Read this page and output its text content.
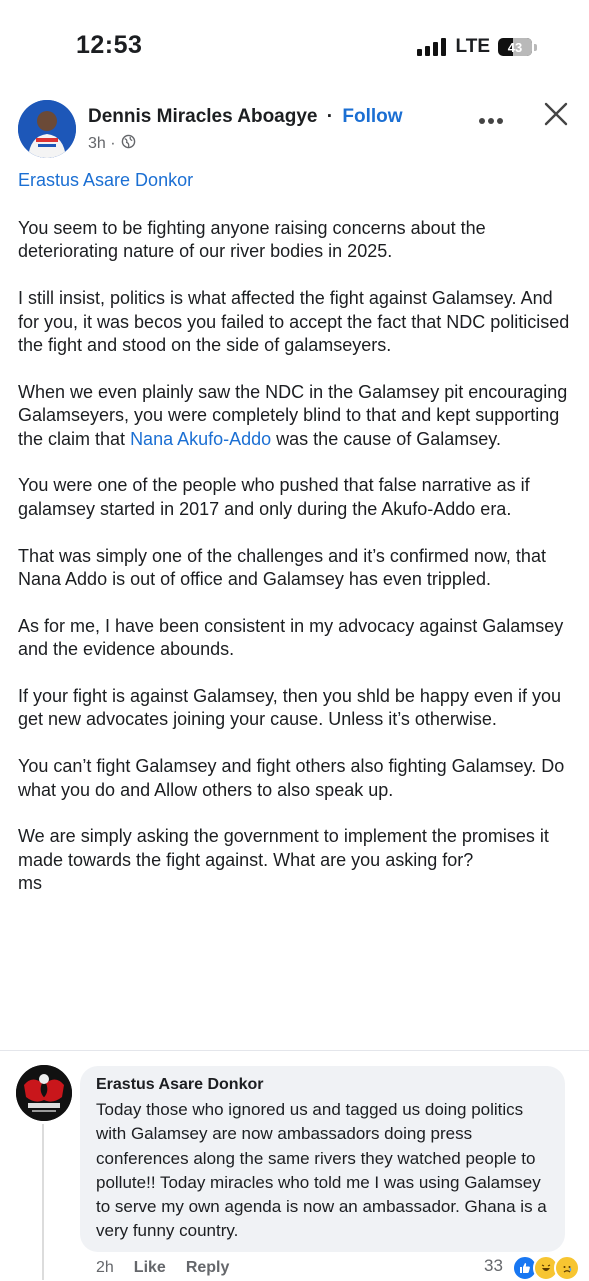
12:53	LTE 43
Dennis Miracles Aboagye · Follow
3h ·
Erastus Asare Donkor

You seem to be fighting anyone raising concerns about the deteriorating nature of our river bodies in 2025.

I still insist, politics is what affected the fight against Galamsey. And for you, it was becos you failed to accept the fact that NDC politicised the fight and stood on the side of galamseyers.

When we even plainly saw the NDC in the Galamsey pit encouraging Galamseyers, you were completely blind to that and kept supporting the claim that Nana Akufo-Addo was the cause of Galamsey.

You were one of the people who pushed that false narrative as if galamsey started in 2017 and only during the Akufo-Addo era.

That was simply one of the challenges and it’s confirmed now, that Nana Addo is out of office and Galamsey has even trippled.

As for me, I have been consistent in my advocacy against Galamsey and the evidence abounds.

If your fight is against Galamsey, then you shld be happy even if you get new advocates joining your cause. Unless it’s otherwise.

You can’t fight Galamsey and fight others also fighting Galamsey. Do what you do and Allow others to also speak up.

We are simply asking the government to implement the promises it made towards the fight against. What are you asking for?

ms
Erastus Asare Donkor
Today those who ignored us and tagged us doing politics with Galamsey are now ambassadors doing press conferences along the same rivers they watched people to pollute!! Today miracles who told me I was using Galamsey to serve my own agenda is now an ambassador. Ghana is a very funny country.
2h Like Reply	33
